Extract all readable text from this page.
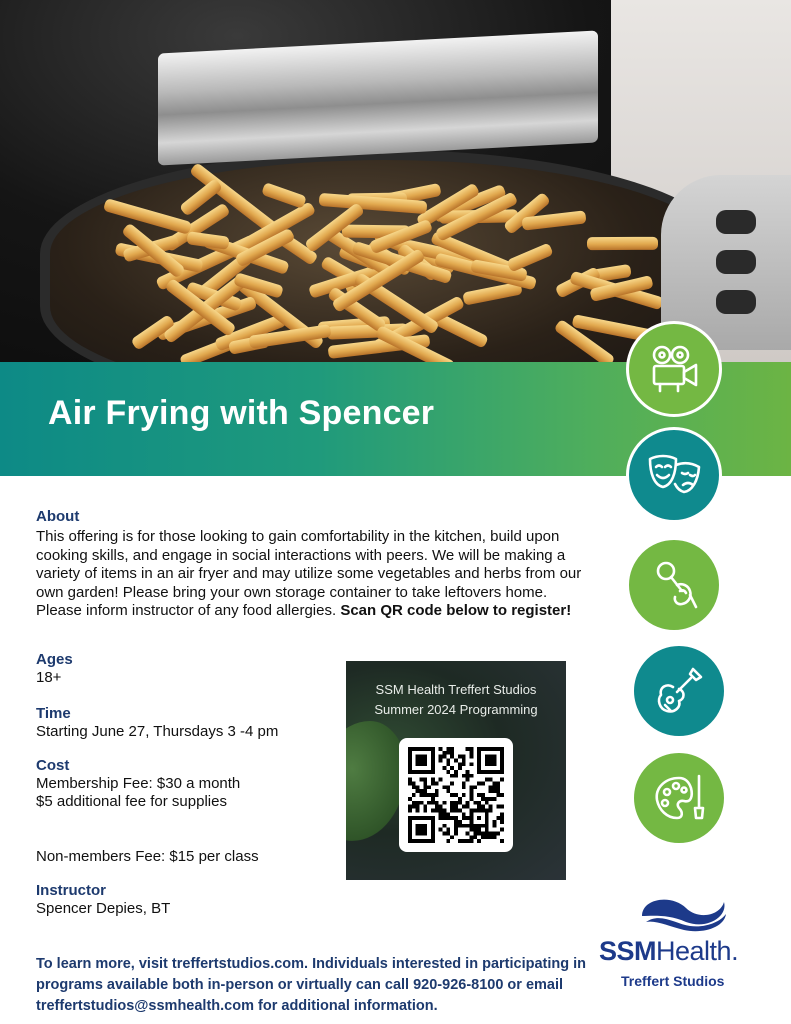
Air Frying with Spencer
About
This offering is for those looking to gain comfortability in the kitchen, build upon cooking skills, and engage in social interactions with peers. We will be making a variety of items in an air fryer and may utilize some vegetables and herbs from our own garden! Please bring your own storage container to take leftovers home. Please inform instructor of any food allergies. Scan QR code below to register!
Ages
18+
Time
Starting June 27, Thursdays 3 -4 pm
Cost
Membership Fee: $30 a month
$5 additional fee for supplies
Non-members Fee: $15 per class
Instructor
Spencer Depies, BT
SSM Health Treffert Studios
Summer 2024 Programming
SSMHealth.
Treffert Studios
To learn more, visit treffertstudios.com. Individuals interested in participating in programs available both in-person or virtually can call 920-926-8100 or email treffertstudios@ssmhealth.com for additional information.
